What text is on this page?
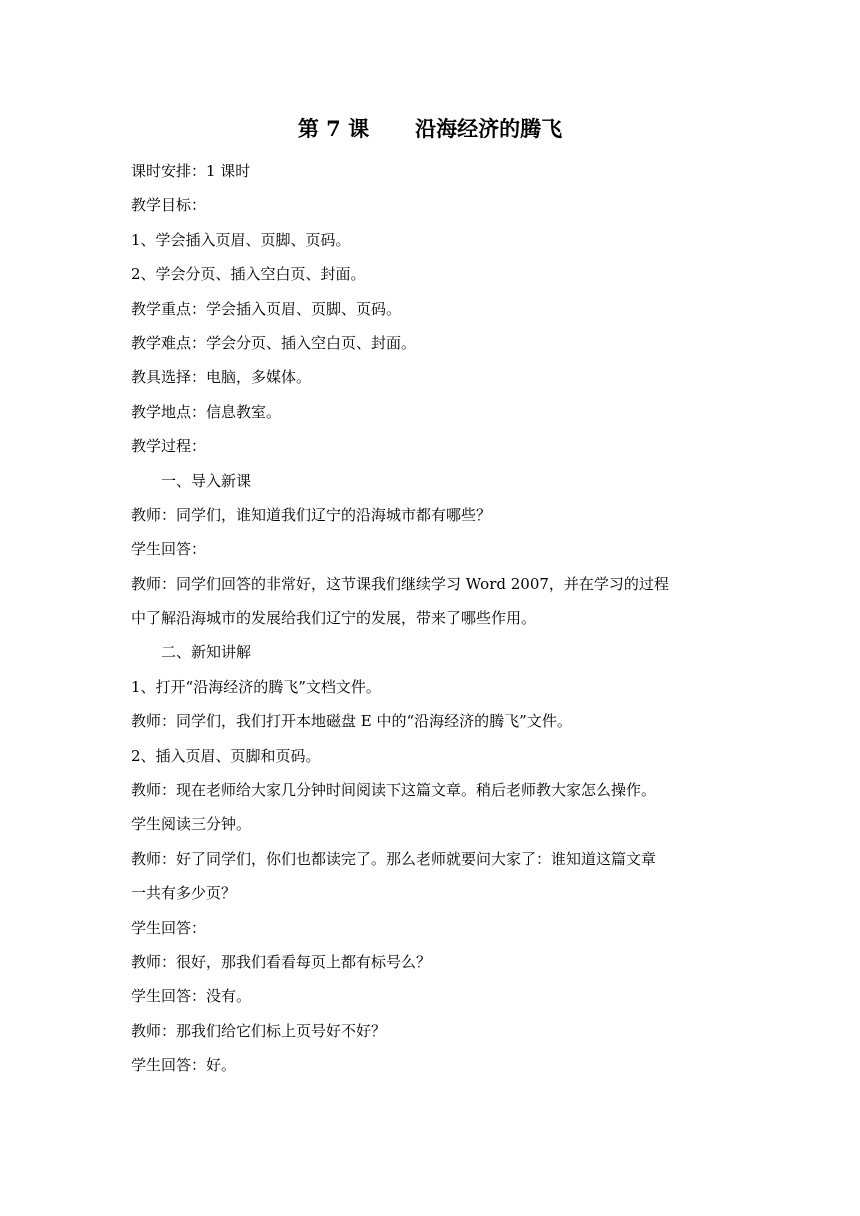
第 7 课 沿海经济的腾飞
课时安排：1 课时
教学目标：
1、学会插入页眉、页脚、页码。
2、学会分页、插入空白页、封面。
教学重点：学会插入页眉、页脚、页码。
教学难点：学会分页、插入空白页、封面。
教具选择：电脑，多媒体。
教学地点：信息教室。
教学过程：
一、导入新课
教师：同学们，谁知道我们辽宁的沿海城市都有哪些？
学生回答：
教师：同学们回答的非常好，这节课我们继续学习 Word 2007，并在学习的过程
中了解沿海城市的发展给我们辽宁的发展，带来了哪些作用。
二、新知讲解
1、打开“沿海经济的腾飞”文档文件。
教师：同学们，我们打开本地磁盘 E 中的“沿海经济的腾飞”文件。
2、插入页眉、页脚和页码。
教师：现在老师给大家几分钟时间阅读下这篇文章。稍后老师教大家怎么操作。
学生阅读三分钟。
教师：好了同学们，你们也都读完了。那么老师就要问大家了：谁知道这篇文章
一共有多少页？
学生回答：
教师：很好，那我们看看每页上都有标号么？
学生回答：没有。
教师：那我们给它们标上页号好不好？
学生回答：好。
